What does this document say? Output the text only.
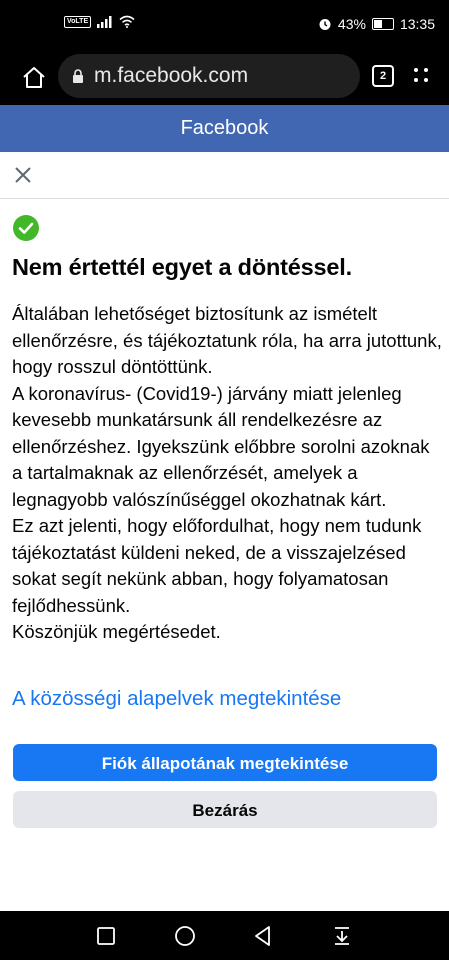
VoLTE	43% 13:35
m.facebook.com	2
Facebook
Nem értettél egyet a döntéssel.

Általában lehetőséget biztosítunk az ismételt ellenőrzésre, és tájékoztatunk róla, ha arra jutottunk, hogy rosszul döntöttünk.

A koronavírus- (Covid19-) járvány miatt jelenleg kevesebb munkatársunk áll rendelkezésre az ellenőrzéshez. Igyekszünk előbbre sorolni azoknak a tartalmaknak az ellenőrzését, amelyek a legnagyobb valószínűséggel okozhatnak kárt.

Ez azt jelenti, hogy előfordulhat, hogy nem tudunk tájékoztatást küldeni neked, de a visszajelzésed sokat segít nekünk abban, hogy folyamatosan fejlődhessünk.

Köszönjük megértésedet.

A közösségi alapelvek megtekintése
Fiók állapotának megtekintése
Bezárás
